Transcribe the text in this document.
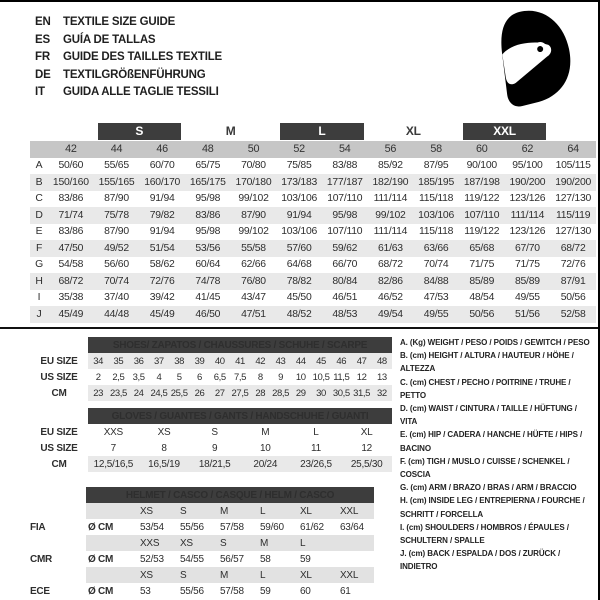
EN	TEXTILE SIZE GUIDE
ES	GUÍA DE TALLAS
FR	GUIDE DES TAILLES TEXTILE
DE	TEXTILGRÖßENFÜHRUNG
IT	GUIDA ALLE TAGLIE TESSILI

		S		M		L		XL		XXL		

	42	44	46	48	50	52	54	56	58	60	62	64
A	50/60	55/65	60/70	65/75	70/80	75/85	83/88	85/92	87/95	90/100	95/100	105/115
B	150/160	155/165	160/170	165/175	170/180	173/183	177/187	182/190	185/195	187/198	190/200	190/200
C	83/86	87/90	91/94	95/98	99/102	103/106	107/110	111/114	115/118	119/122	123/126	127/130
D	71/74	75/78	79/82	83/86	87/90	91/94	95/98	99/102	103/106	107/110	111/114	115/119
E	83/86	87/90	91/94	95/98	99/102	103/106	107/110	111/114	115/118	119/122	123/126	127/130
F	47/50	49/52	51/54	53/56	55/58	57/60	59/62	61/63	63/66	65/68	67/70	68/72
G	54/58	56/60	58/62	60/64	62/66	64/68	66/70	68/72	70/74	71/75	71/75	72/76
H	68/72	70/74	72/76	74/78	76/80	78/82	80/84	82/86	84/88	85/89	85/89	87/91
I	35/38	37/40	39/42	41/45	43/47	45/50	46/51	46/52	47/53	48/54	49/55	50/56
J	45/49	44/48	45/49	46/50	47/51	48/52	48/53	49/54	49/55	50/56	51/56	52/58
	SHOES/ ZAPATOS / CHAUSSURES / SCHUHE / SCARPE														
EU SIZE	34	35	36	37	38	39	40	41	42	43	44	45	46	47	48
US SIZE	2	2,5	3,5	4	5	6	6,5	7,5	8	9	10	10,5	11,5	12	13
CM	23	23,5	24	24,5	25,5	26	27	27,5	28	28,5	29	30	30,5	31,5	32
	GLOVES / GUANTES / GANTS / HANDSCHUHE / GUANTI					
EU SIZE	XXS	XS	S	M	L	XL
US SIZE	7	8	9	10	11	12
CM	12,5/16,5	16,5/19	18/21,5	20/24	23/26,5	25,5/30
	HELMET / CASCO / CASQUE / HELM / CASCO						
		XS	S	M	L	XL	XXL
FIA	Ø CM	53/54	55/56	57/58	59/60	61/62	63/64
		XXS	XS	S	M	L	
CMR	Ø CM	52/53	54/55	56/57	58	59	
		XS	S	M	L	XL	XXL
ECE	Ø CM	53	55/56	57/58	59	60	61
A. (Kg) WEIGHT / PESO / POIDS / GEWITCH / PESO
B. (cm) HEIGHT / ALTURA / HAUTEUR / HÖHE / ALTEZZA
C. (cm) CHEST / PECHO / POITRINE / TRUHE / PETTO
D. (cm) WAIST / CINTURA / TAILLE / HÜFTUNG / VITA
E. (cm) HIP / CADERA / HANCHE / HÜFTE / HIPS / BACINO
F. (cm) TIGH / MUSLO / CUISSE / SCHENKEL / COSCIA
G. (cm) ARM / BRAZO / BRAS / ARM / BRACCIO
H. (cm) INSIDE LEG / ENTREPIERNA / FOURCHE / SCHRITT / FORCELLA
I. (cm) SHOULDERS / HOMBROS / ÉPAULES / SCHULTERN / SPALLE
J. (cm) BACK / ESPALDA / DOS / ZURÜCK / INDIETRO
